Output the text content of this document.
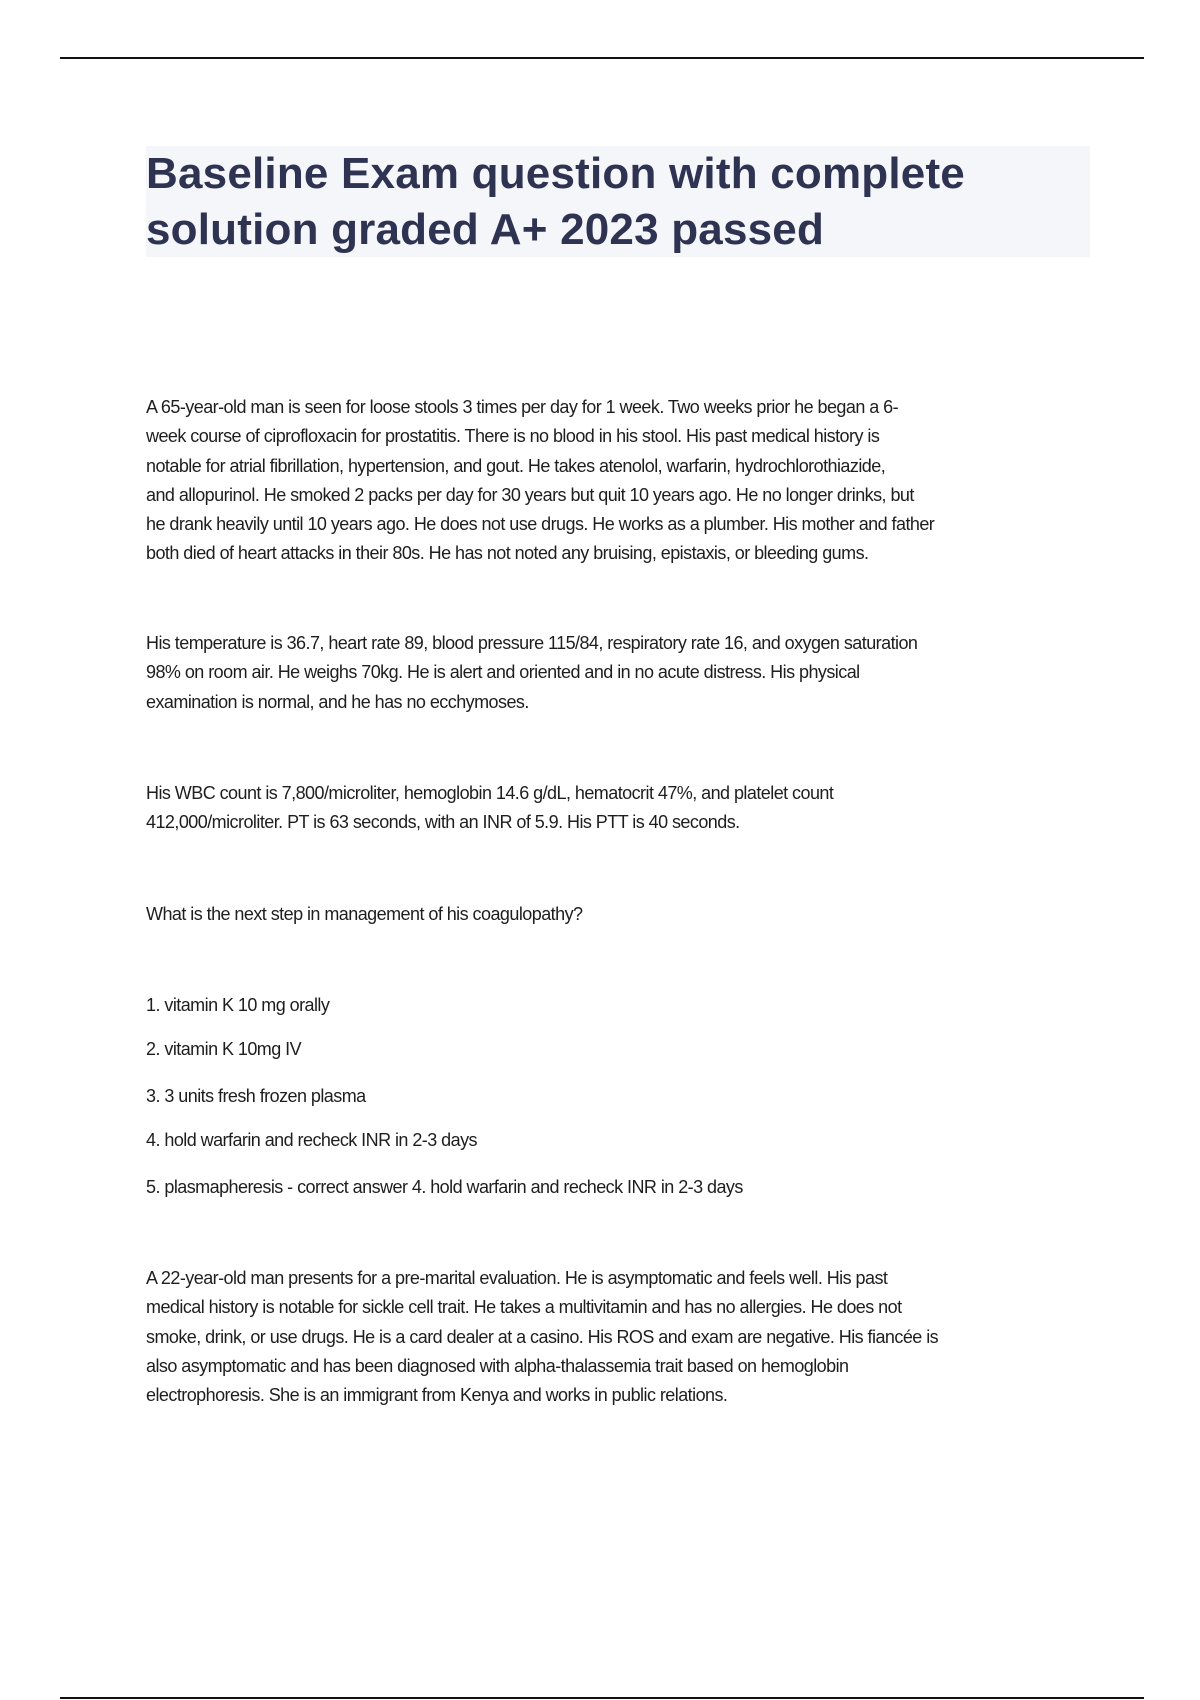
Baseline Exam question with complete
solution graded A+ 2023 passed
A 65-year-old man is seen for loose stools 3 times per day for 1 week. Two weeks prior he began a 6-
week course of ciprofloxacin for prostatitis. There is no blood in his stool. His past medical history is
notable for atrial fibrillation, hypertension, and gout. He takes atenolol, warfarin, hydrochlorothiazide,
and allopurinol. He smoked 2 packs per day for 30 years but quit 10 years ago. He no longer drinks, but
he drank heavily until 10 years ago. He does not use drugs. He works as a plumber. His mother and father
both died of heart attacks in their 80s. He has not noted any bruising, epistaxis, or bleeding gums.
His temperature is 36.7, heart rate 89, blood pressure 115/84, respiratory rate 16, and oxygen saturation
98% on room air. He weighs 70kg. He is alert and oriented and in no acute distress. His physical
examination is normal, and he has no ecchymoses.
His WBC count is 7,800/microliter, hemoglobin 14.6 g/dL, hematocrit 47%, and platelet count
412,000/microliter. PT is 63 seconds, with an INR of 5.9. His PTT is 40 seconds.
What is the next step in management of his coagulopathy?
1. vitamin K 10 mg orally
2. vitamin K 10mg IV
3. 3 units fresh frozen plasma
4. hold warfarin and recheck INR in 2-3 days
5. plasmapheresis - correct answer 4. hold warfarin and recheck INR in 2-3 days
A 22-year-old man presents for a pre-marital evaluation. He is asymptomatic and feels well. His past
medical history is notable for sickle cell trait. He takes a multivitamin and has no allergies. He does not
smoke, drink, or use drugs. He is a card dealer at a casino. His ROS and exam are negative. His fiancée is
also asymptomatic and has been diagnosed with alpha-thalassemia trait based on hemoglobin
electrophoresis. She is an immigrant from Kenya and works in public relations.
